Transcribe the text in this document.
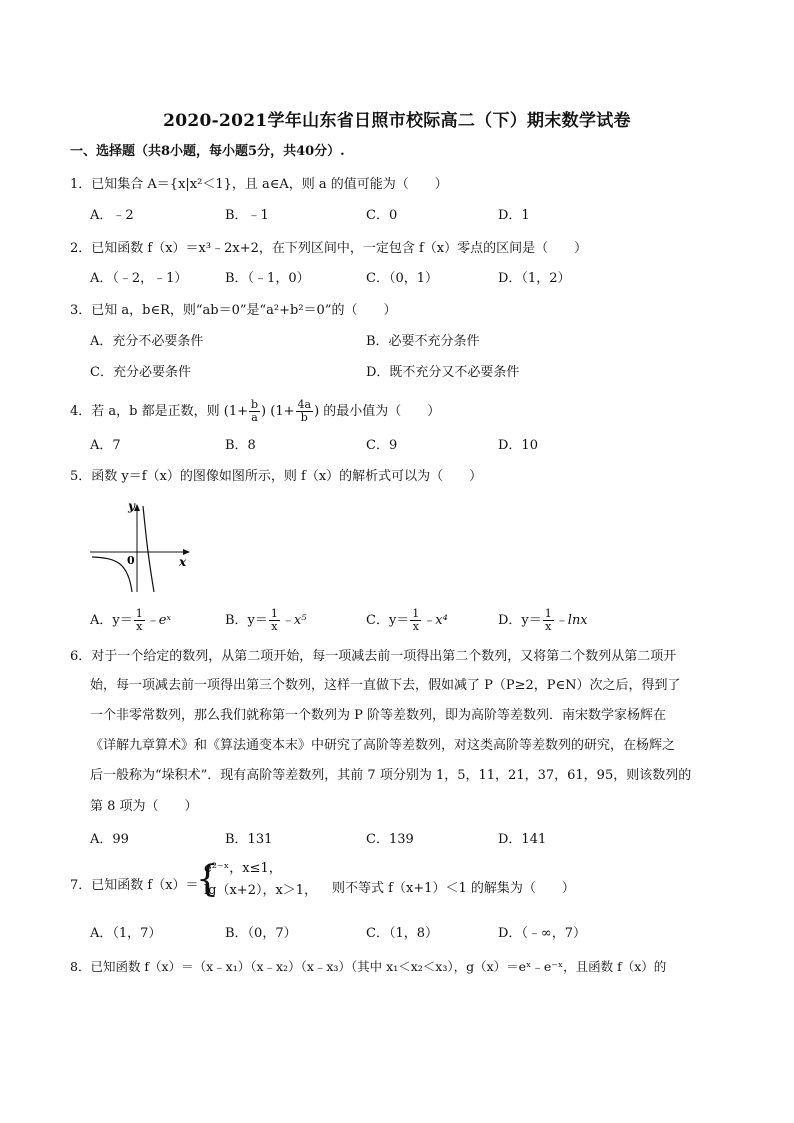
2020-2021学年山东省日照市校际高二（下）期末数学试卷
一、选择题（共8小题，每小题5分，共40分）.
1．已知集合 A＝{x|x²＜1}，且 a∈A，则 a 的值可能为（　　）
A．﹣2	B．﹣1	C．0	D．1
2．已知函数 f（x）＝x³﹣2x+2，在下列区间中，一定包含 f（x）零点的区间是（　　）
A．（﹣2，﹣1）	B．（﹣1，0）	C．（0，1）	D．（1，2）
3．已知 a，b∈R，则“ab＝0”是“a²+b²＝0”的（　　）
A．充分不必要条件	B．必要不充分条件
C．充分必要条件	D．既不充分又不必要条件
4．若 a，b 都是正数，则 ($1+ \frac{b}{a}$ ) ($1+ \frac{4a}{b}$ ) 的最小值为（　　）
A．7	B．8	C．9	D．10
5．函数 y＝f（x）的图像如图所示，则 f（x）的解析式可以为（　　）
y
x
0
A．$y= \frac{1}{x}$ ﹣eˣ	B．$y= \frac{1}{x}$ ﹣x⁵	C．$y= \frac{1}{x}$ ﹣x⁴	D．$y= \frac{1}{x}$ ﹣lnx
6．对于一个给定的数列，从第二项开始，每一项减去前一项得出第二个数列，又将第二个数列从第二项开
始，每一项减去前一项得出第三个数列，这样一直做下去，假如减了 P（P≥2，P∈N）次之后，得到了
一个非零常数列，那么我们就称第一个数列为 P 阶等差数列，即为高阶等差数列．南宋数学家杨辉在
《详解九章算术》和《算法通变本末》中研究了高阶等差数列，对这类高阶等差数列的研究，在杨辉之
后一般称为“垛积术”．现有高阶等差数列，其前 7 项分别为 1，5，11，21，37，61，95，则该数列的
第 8 项为（　　）
A．99	B．131	C．139	D．141
7．已知函数 f（x）＝
{
e²⁻ˣ，x≤1，
lg（x+2），x＞1， 则不等式 f（x+1）＜1 的解集为（　　）
A．（1，7）	B．（0，7）	C．（1，8）	D．（﹣∞，7）
8．已知函数 f（x）＝（x﹣x₁）（x﹣x₂）（x﹣x₃）（其中 x₁＜x₂＜x₃），g（x）＝eˣ﹣e⁻ˣ，且函数 f（x）的
